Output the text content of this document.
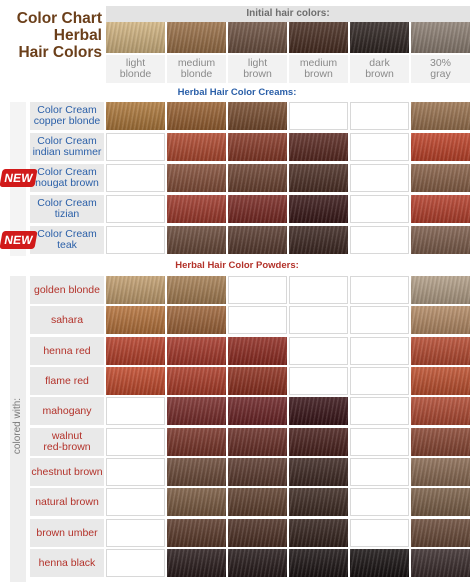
Color Chart
Herbal
Hair Colors
Initial hair colors:
light
blonde
medium
blonde
light
brown
medium
brown
dark
brown
30%
gray
Herbal Hair Color Creams:
Color Cream
copper blonde
Color Cream
indian summer
Color Cream
nougat brown
NEW
Color Cream
tizian
Color Cream
teak
NEW
Herbal Hair Color Powders:
colored with:
golden blonde
sahara
henna red
flame red
mahogany
walnut
red-brown
chestnut brown
natural brown
brown umber
henna black
